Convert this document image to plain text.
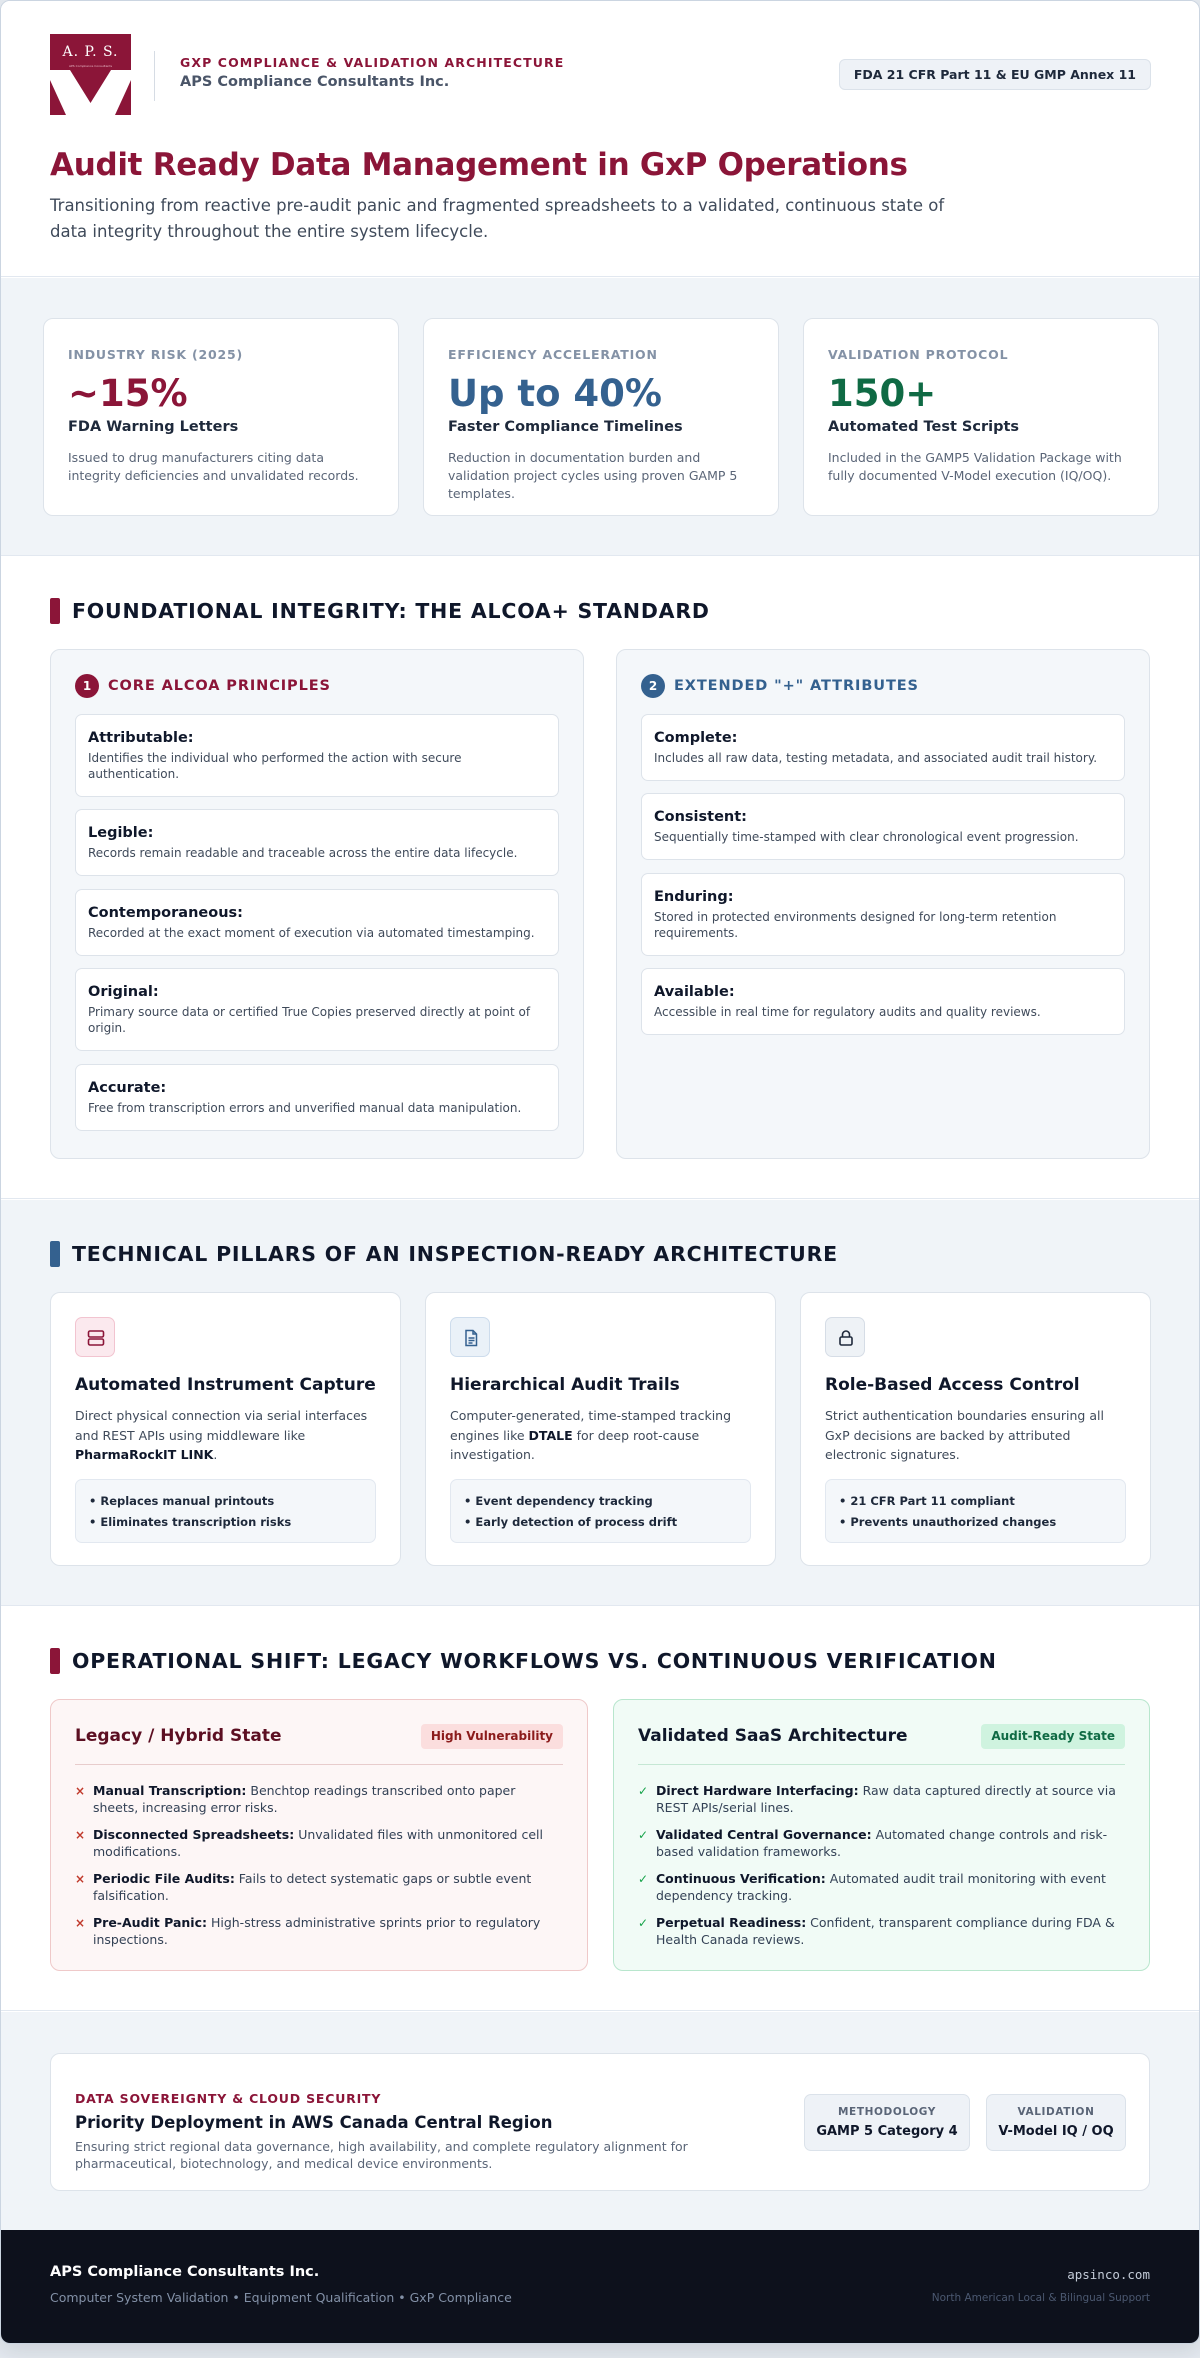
A. P. S.
APS Compliance Consultants	GXP COMPLIANCE & VALIDATION ARCHITECTURE
APS Compliance Consultants Inc.	FDA 21 CFR Part 11 & EU GMP Annex 11
Audit Ready Data Management in GxP Operations

Transitioning from reactive pre-audit panic and fragmented spreadsheets to a validated, continuous state of data integrity throughout the entire system lifecycle.

INDUSTRY RISK (2025)
~15%
FDA Warning Letters
Issued to drug manufacturers citing data integrity deficiencies and unvalidated records.
EFFICIENCY ACCELERATION
Up to 40%
Faster Compliance Timelines
Reduction in documentation burden and validation project cycles using proven GAMP 5 templates.
VALIDATION PROTOCOL
150+
Automated Test Scripts
Included in the GAMP5 Validation Package with fully documented V-Model execution (IQ/OQ).
FOUNDATIONAL INTEGRITY: THE ALCOA+ STANDARD
1	CORE ALCOA PRINCIPLES
Attributable:
Identifies the individual who performed the action with secure authentication.
Legible:
Records remain readable and traceable across the entire data lifecycle.
Contemporaneous:
Recorded at the exact moment of execution via automated timestamping.
Original:
Primary source data or certified True Copies preserved directly at point of origin.
Accurate:
Free from transcription errors and unverified manual data manipulation.
2	EXTENDED "+" ATTRIBUTES
Complete:
Includes all raw data, testing metadata, and associated audit trail history.
Consistent:
Sequentially time-stamped with clear chronological event progression.
Enduring:
Stored in protected environments designed for long-term retention requirements.
Available:
Accessible in real time for regulatory audits and quality reviews.
TECHNICAL PILLARS OF AN INSPECTION-READY ARCHITECTURE
Automated Instrument Capture
Direct physical connection via serial interfaces and REST APIs using middleware like PharmaRockIT LINK.
• Replaces manual printouts
• Eliminates transcription risks
Hierarchical Audit Trails
Computer-generated, time-stamped tracking engines like DTALE for deep root-cause investigation.
• Event dependency tracking
• Early detection of process drift
Role-Based Access Control
Strict authentication boundaries ensuring all GxP decisions are backed by attributed electronic signatures.
• 21 CFR Part 11 compliant
• Prevents unauthorized changes
OPERATIONAL SHIFT: LEGACY WORKFLOWS VS. CONTINUOUS VERIFICATION
Legacy / Hybrid State	High Vulnerability
× Manual Transcription: Benchtop readings transcribed onto paper sheets, increasing error risks.
× Disconnected Spreadsheets: Unvalidated files with unmonitored cell modifications.
× Periodic File Audits: Fails to detect systematic gaps or subtle event falsification.
× Pre-Audit Panic: High-stress administrative sprints prior to regulatory inspections.
Validated SaaS Architecture	Audit-Ready State
✓ Direct Hardware Interfacing: Raw data captured directly at source via REST APIs/serial lines.
✓ Validated Central Governance: Automated change controls and risk-based validation frameworks.
✓ Continuous Verification: Automated audit trail monitoring with event dependency tracking.
✓ Perpetual Readiness: Confident, transparent compliance during FDA & Health Canada reviews.
DATA SOVEREIGNTY & CLOUD SECURITY
Priority Deployment in AWS Canada Central Region
Ensuring strict regional data governance, high availability, and complete regulatory alignment for pharmaceutical, biotechnology, and medical device environments.
METHODOLOGY
GAMP 5 Category 4
VALIDATION
V-Model IQ / OQ
APS Compliance Consultants Inc.
Computer System Validation • Equipment Qualification • GxP Compliance
apsinco.com
North American Local & Bilingual Support
